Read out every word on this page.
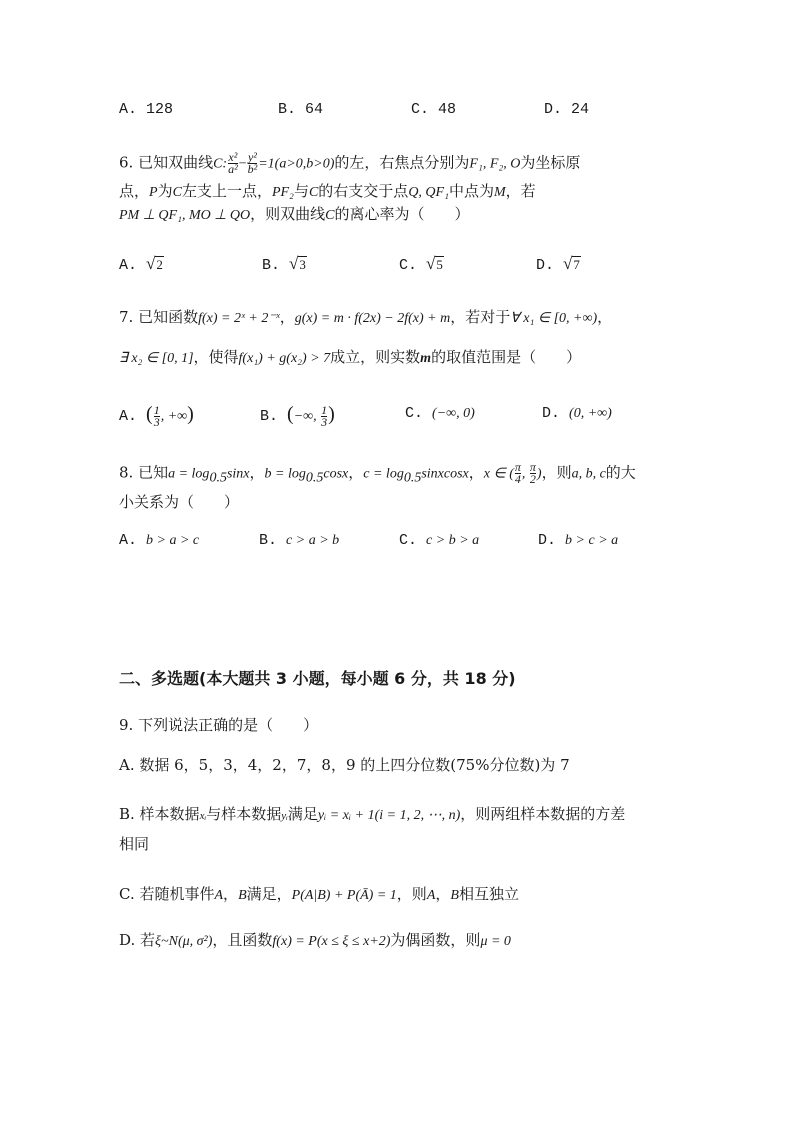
A. 128	B. 64	C. 48	D. 24
6. 已知双曲线C: $\frac{\text{x²}}{\text{a²}} - \frac{\text{y²}}{\text{b²}} =1(a>0,b>0)$的左，右焦点分别为F₁, F₂, O为坐标原
点，P为C左支上一点，PF₂与C的右支交于点Q, QF₁中点为M，若
PM ⊥ QF₁, MO ⊥ QO，则双曲线C的离心率为（　　）
A. √2	B. √3	C. √5	D. √7
7. 已知函数f(x) = 2ˣ + 2⁻ˣ，g(x) = m · f(2x) − 2f(x) + m，若对于∀ x₁ ∈ [0, +∞)，
∃ x₂ ∈ [0, 1]，使得f(x₁) + g(x₂) > 7成立，则实数m的取值范围是（　　）
A. ( $\frac{1}{3}$ , +∞)	B. (−∞, $\frac{1}{3}$ )	C. (−∞, 0)	D. (0, +∞)
8. 已知$a = \log_{0.5}\sin x$，$b = \log_{0.5}\cos x$，$c = \log_{0.5}sinxcosx$，x ∈ ( $\frac{\pi}{4}$ , $\frac{\pi}{2}$ )，则a, b, c的大
小关系为（　　）
A. b > a > c	B. c > a > b	C. c > b > a	D. b > c > a
二、多选题(本大题共 3 小题，每小题 6 分，共 18 分)
9. 下列说法正确的是（　　）
A. 数据 6，5，3，4，2，7，8，9 的上四分位数(75%分位数)为 7
B. 样本数据xᵢ与样本数据yᵢ满足yᵢ = xᵢ + 1(i = 1, 2, ⋯, n)，则两组样本数据的方差
相同
C. 若随机事件A，B满足，P(A|B) + P(Ā) = 1，则A，B相互独立
D. 若ξ~N(μ, σ²)，且函数f(x) = P(x ≤ ξ ≤ x+2)为偶函数，则μ = 0
